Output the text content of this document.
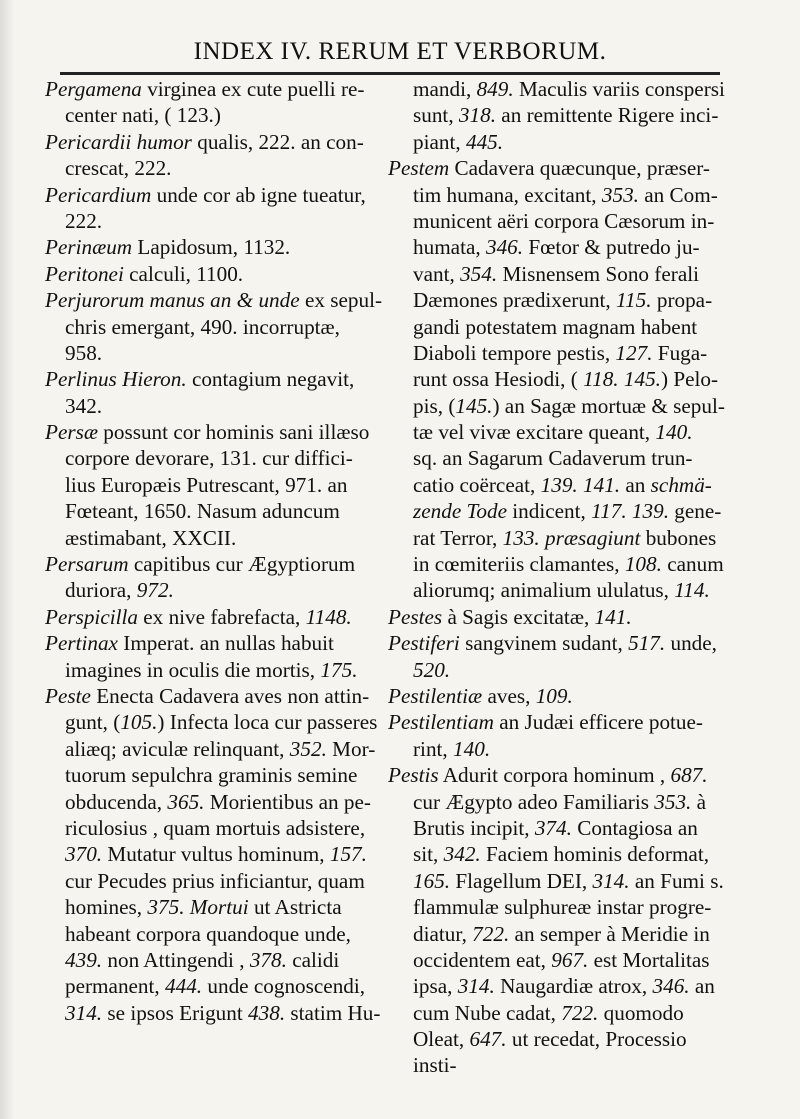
INDEX IV. RERUM ET VERBORUM.
Pergamena virginea ex cute puelli re-
center nati, ( 123.)
Pericardii humor qualis, 222. an con-
crescat, 222.
Pericardium unde cor ab igne tueatur,
222.
Perinæum Lapidosum, 1132.
Peritonei calculi, 1100.
Perjurorum manus an & unde ex sepul-
chris emergant, 490. incorruptæ,
958.
Perlinus Hieron. contagium negavit,
342.
Persæ possunt cor hominis sani illæso
corpore devorare, 131. cur diffici-
lius Europæis Putrescant, 971. an
Fœteant, 1650. Nasum aduncum
æstimabant, XXCII.
Persarum capitibus cur Ægyptiorum
duriora, 972.
Perspicilla ex nive fabrefacta, 1148.
Pertinax Imperat. an nullas habuit
imagines in oculis die mortis, 175.
Peste Enecta Cadavera aves non attin-
gunt, (105.) Infecta loca cur passeres
aliæq; aviculæ relinquant, 352. Mor-
tuorum sepulchra graminis semine
obducenda, 365. Morientibus an pe-
riculosius , quam mortuis adsistere,
370. Mutatur vultus hominum, 157.
cur Pecudes prius inficiantur, quam
homines, 375. Mortui ut Astricta
habeant corpora quandoque unde,
439. non Attingendi , 378. calidi
permanent, 444. unde cognoscendi,
314. se ipsos Erigunt 438. statim Hu-
mandi, 849. Maculis variis conspersi
sunt, 318. an remittente Rigere inci-
piant, 445.
Pestem Cadavera quæcunque, præser-
tim humana, excitant, 353. an Com-
municent aëri corpora Cæsorum in-
humata, 346. Fœtor & putredo ju-
vant, 354. Misnensem Sono ferali
Dæmones prædixerunt, 115. propa-
gandi potestatem magnam habent
Diaboli tempore pestis, 127. Fuga-
runt ossa Hesiodi, ( 118. 145.) Pelo-
pis, (145.) an Sagæ mortuæ & sepul-
tæ vel vivæ excitare queant, 140.
sq. an Sagarum Cadaverum trun-
catio coërceat, 139. 141. an schmä-
zende Tode indicent, 117. 139. gene-
rat Terror, 133. præsagiunt bubones
in cœmiteriis clamantes, 108. canum
aliorumq; animalium ululatus, 114.
Pestes à Sagis excitatæ, 141.
Pestiferi sangvinem sudant, 517. unde,
520.
Pestilentiæ aves, 109.
Pestilentiam an Judæi efficere potue-
rint, 140.
Pestis Adurit corpora hominum , 687.
cur Ægypto adeo Familiaris 353. à
Brutis incipit, 374. Contagiosa an
sit, 342. Faciem hominis deformat,
165. Flagellum DEI, 314. an Fumi s.
flammulæ sulphureæ instar progre-
diatur, 722. an semper à Meridie in
occidentem eat, 967. est Mortalitas
ipsa, 314. Naugardiæ atrox, 346. an
cum Nube cadat, 722. quomodo
Oleat, 647. ut recedat, Processio
insti-
